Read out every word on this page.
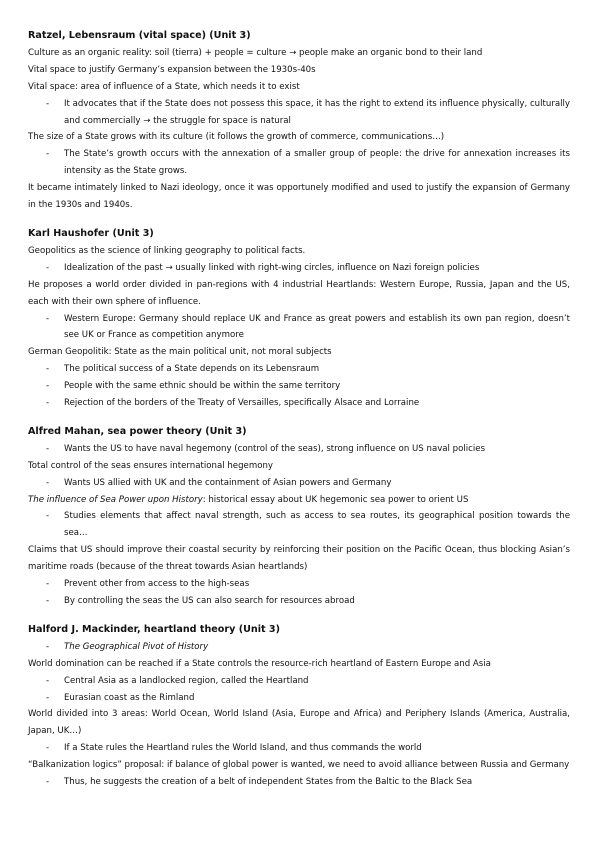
Ratzel, Lebensraum (vital space) (Unit 3)

Culture as an organic reality: soil (tierra) + people = culture → people make an organic bond to their land

Vital space to justify Germany’s expansion between the 1930s-40s

Vital space: area of influence of a State, which needs it to exist

- It advocates that if the State does not possess this space, it has the right to extend its influence physically, culturally and commercially → the struggle for space is natural

The size of a State grows with its culture (it follows the growth of commerce, communications…)

- The State’s growth occurs with the annexation of a smaller group of people: the drive for annexation increases its intensity as the State grows.

It became intimately linked to Nazi ideology, once it was opportunely modified and used to justify the expansion of Germany in the 1930s and 1940s.

Karl Haushofer (Unit 3)

Geopolitics as the science of linking geography to political facts.

- Idealization of the past → usually linked with right-wing circles, influence on Nazi foreign policies

He proposes a world order divided in pan-regions with 4 industrial Heartlands: Western Europe, Russia, Japan and the US, each with their own sphere of influence.

- Western Europe: Germany should replace UK and France as great powers and establish its own pan region, doesn’t see UK or France as competition anymore

German Geopolitik: State as the main political unit, not moral subjects

- The political success of a State depends on its Lebensraum
- People with the same ethnic should be within the same territory
- Rejection of the borders of the Treaty of Versailles, specifically Alsace and Lorraine
Alfred Mahan, sea power theory (Unit 3)
- Wants the US to have naval hegemony (control of the seas), strong influence on US naval policies

Total control of the seas ensures international hegemony

- Wants US allied with UK and the containment of Asian powers and Germany

The influence of Sea Power upon History: historical essay about UK hegemonic sea power to orient US

- Studies elements that affect naval strength, such as access to sea routes, its geographical position towards the sea…

Claims that US should improve their coastal security by reinforcing their position on the Pacific Ocean, thus blocking Asian’s maritime roads (because of the threat towards Asian heartlands)

- Prevent other from access to the high-seas
- By controlling the seas the US can also search for resources abroad
Halford J. Mackinder, heartland theory (Unit 3)
- The Geographical Pivot of History

World domination can be reached if a State controls the resource-rich heartland of Eastern Europe and Asia

- Central Asia as a landlocked region, called the Heartland
- Eurasian coast as the Rimland

World divided into 3 areas: World Ocean, World Island (Asia, Europe and Africa) and Periphery Islands (America, Australia, Japan, UK…)

- If a State rules the Heartland rules the World Island, and thus commands the world

“Balkanization logics” proposal: if balance of global power is wanted, we need to avoid alliance between Russia and Germany

- Thus, he suggests the creation of a belt of independent States from the Baltic to the Black Sea
